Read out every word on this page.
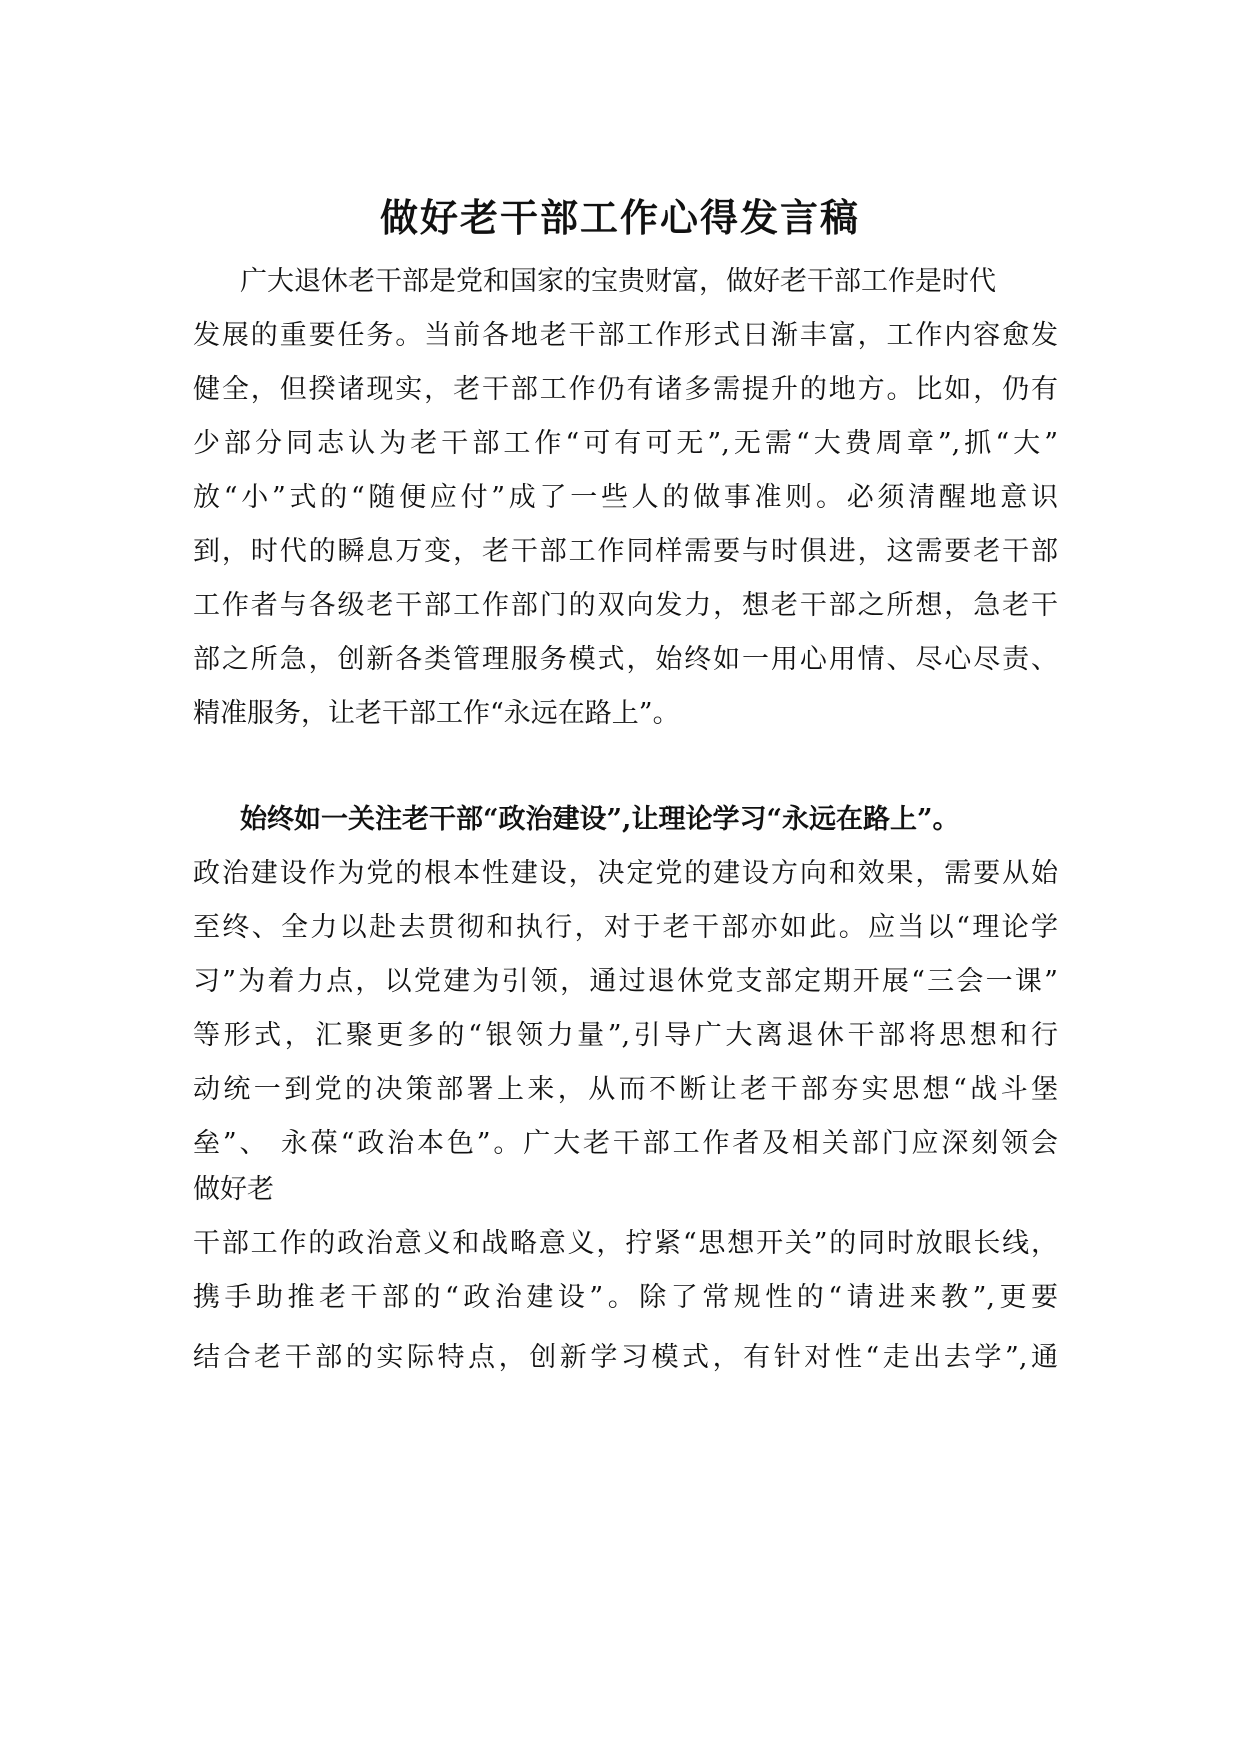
做好老干部工作心得发言稿
广大退休老干部是党和国家的宝贵财富，做好老干部工作是时代
发展的重要任务。当前各地老干部工作形式日渐丰富，工作内容愈发
健全，但揆诸现实，老干部工作仍有诸多需提升的地方。比如，仍有
少部分同志认为老干部工作“可有可无”,无需“大费周章”,抓“大”
放“小”式的“随便应付”成了一些人的做事准则。必须清醒地意识
到，时代的瞬息万变，老干部工作同样需要与时俱进，这需要老干部
工作者与各级老干部工作部门的双向发力，想老干部之所想，急老干
部之所急，创新各类管理服务模式，始终如一用心用情、尽心尽责、
精准服务，让老干部工作“永远在路上”。
始终如一关注老干部“政治建设”,让理论学习“永远在路上”。
政治建设作为党的根本性建设，决定党的建设方向和效果，需要从始
至终、全力以赴去贯彻和执行，对于老干部亦如此。应当以“理论学
习”为着力点，以党建为引领，通过退休党支部定期开展“三会一课”
等形式，汇聚更多的“银领力量”,引导广大离退休干部将思想和行
动统一到党的决策部署上来，从而不断让老干部夯实思想“战斗堡
垒”、 永葆“政治本色”。广大老干部工作者及相关部门应深刻领会
做好老
干部工作的政治意义和战略意义，拧紧“思想开关”的同时放眼长线，
携手助推老干部的“政治建设”。除了常规性的“请进来教”,更要
结合老干部的实际特点，创新学习模式，有针对性“走出去学”,通
